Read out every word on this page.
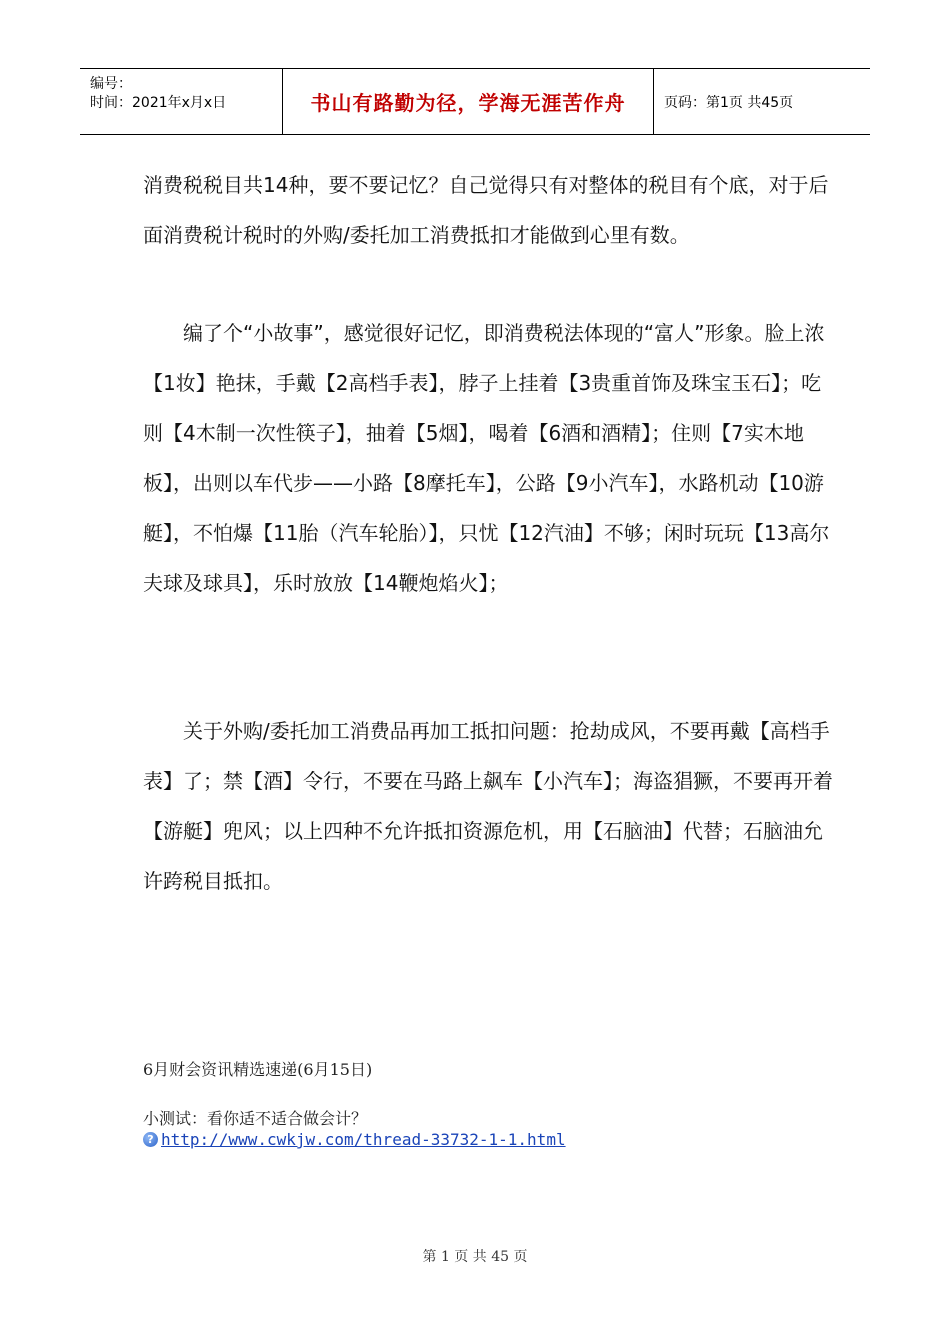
编号：
时间：2021年x月x日	书山有路勤为径，学海无涯苦作舟	页码：第1页 共45页

消费税税目共14种，要不要记忆？自己觉得只有对整体的税目有个底，对于后面消费税计税时的外购/委托加工消费抵扣才能做到心里有数。

编了个“小故事”，感觉很好记忆，即消费税法体现的“富人”形象。脸上浓【1妆】艳抹，手戴【2高档手表】，脖子上挂着【3贵重首饰及珠宝玉石】；吃则【4木制一次性筷子】，抽着【5烟】，喝着【6酒和酒精】；住则【7实木地板】，出则以车代步——小路【8摩托车】，公路【9小汽车】，水路机动【10游艇】，不怕爆【11胎（汽车轮胎）】，只忧【12汽油】不够；闲时玩玩【13高尔夫球及球具】，乐时放放【14鞭炮焰火】；

关于外购/委托加工消费品再加工抵扣问题：抢劫成风，不要再戴【高档手表】了；禁【酒】令行，不要在马路上飙车【小汽车】；海盗猖獗，不要再开着【游艇】兜风；以上四种不允许抵扣资源危机，用【石脑油】代替；石脑油允许跨税目抵扣。

6月财会资讯精选速递(6月15日)
小测试：看你适不适合做会计？
? http://www.cwkjw.com/thread-33732-1-1.html
第 1 页 共 45 页
